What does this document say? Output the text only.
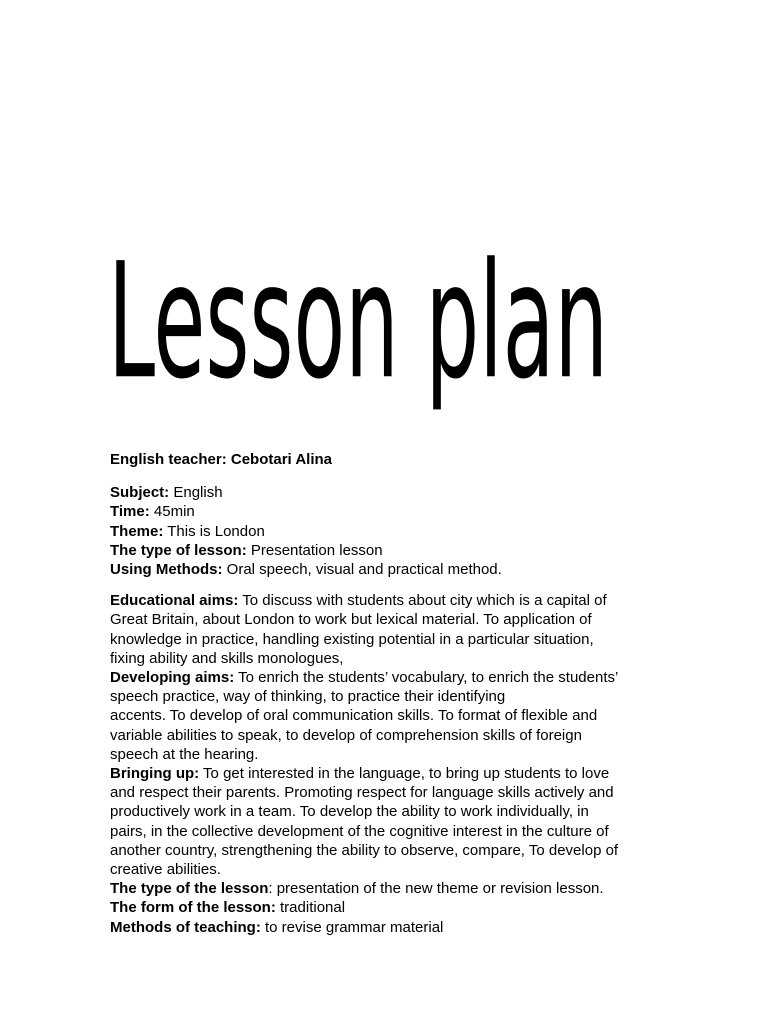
Lesson plan
English teacher: Cebotari Alina
Subject: English
Time: 45min
Theme: This is London
The type of lesson: Presentation lesson
Using Methods: Oral speech, visual and practical method.
Educational aims: To discuss with students about city which is a capital of
Great Britain, about London to work but lexical material. To application of
knowledge in practice, handling existing potential in a particular situation,
fixing ability and skills monologues,
Developing aims: To enrich the students’ vocabulary, to enrich the students’
speech practice, way of thinking, to practice their identifying
accents. To develop of oral communication skills. To format of flexible and
variable abilities to speak, to develop of comprehension skills of foreign
speech at the hearing.
Bringing up: To get interested in the language, to bring up students to love
and respect their parents. Promoting respect for language skills actively and
productively work in a team. To develop the ability to work individually, in
pairs, in the collective development of the cognitive interest in the culture of
another country, strengthening the ability to observe, compare, To develop of
creative abilities.
The type of the lesson: presentation of the new theme or revision lesson.
The form of the lesson: traditional
Methods of teaching: to revise grammar material
